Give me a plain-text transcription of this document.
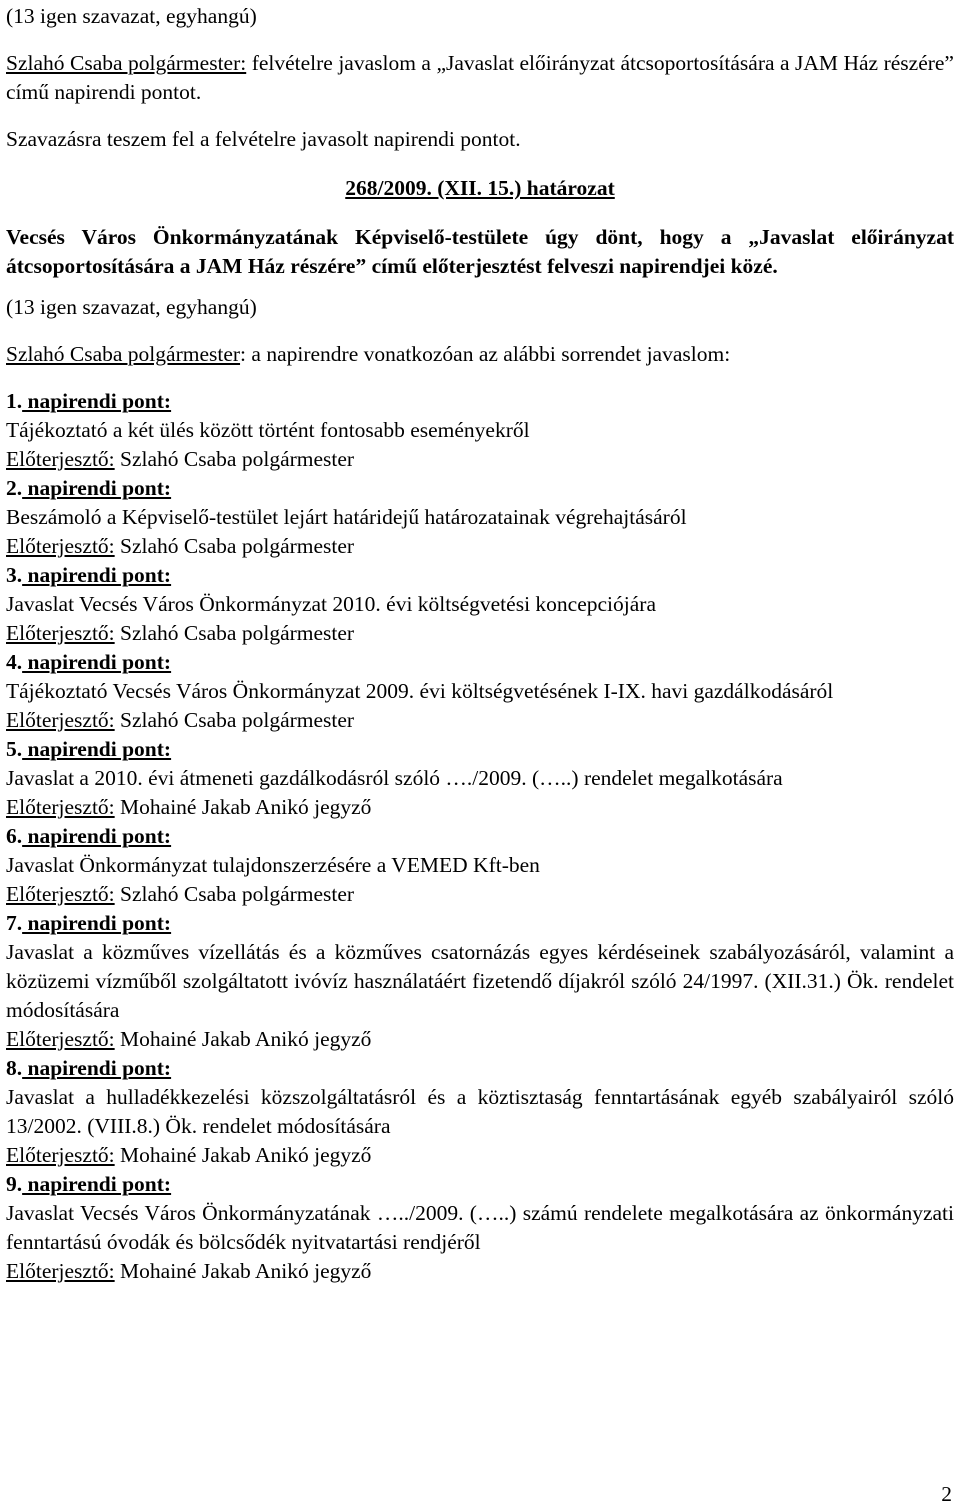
(13 igen szavazat, egyhangú)

Szlahó Csaba polgármester: felvételre javaslom a „Javaslat előirányzat átcsoportosítására a JAM Ház részére” című napirendi pontot.

Szavazásra teszem fel a felvételre javasolt napirendi pontot.

268/2009. (XII. 15.) határozat

Vecsés Város Önkormányzatának Képviselő-testülete úgy dönt, hogy a „Javaslat előirányzat átcsoportosítására a JAM Ház részére” című előterjesztést felveszi napirendjei közé.

(13 igen szavazat, egyhangú)

Szlahó Csaba polgármester: a napirendre vonatkozóan az alábbi sorrendet javaslom:

1. napirendi pont:

Tájékoztató a két ülés között történt fontosabb eseményekről

Előterjesztő: Szlahó Csaba polgármester

2. napirendi pont:

Beszámoló a Képviselő-testület lejárt határidejű határozatainak végrehajtásáról

Előterjesztő: Szlahó Csaba polgármester

3. napirendi pont:

Javaslat Vecsés Város Önkormányzat 2010. évi költségvetési koncepciójára

Előterjesztő: Szlahó Csaba polgármester

4. napirendi pont:

Tájékoztató Vecsés Város Önkormányzat 2009. évi költségvetésének I-IX. havi gazdálkodásáról

Előterjesztő: Szlahó Csaba polgármester

5. napirendi pont:

Javaslat a 2010. évi átmeneti gazdálkodásról szóló …./2009. (…..) rendelet megalkotására

Előterjesztő: Mohainé Jakab Anikó jegyző

6. napirendi pont:

Javaslat Önkormányzat tulajdonszerzésére a VEMED Kft-ben

Előterjesztő: Szlahó Csaba polgármester

7. napirendi pont:

Javaslat a közműves vízellátás és a közműves csatornázás egyes kérdéseinek szabályozásáról, valamint a közüzemi vízműből szolgáltatott ivóvíz használatáért fizetendő díjakról szóló 24/1997. (XII.31.) Ök. rendelet módosítására

Előterjesztő: Mohainé Jakab Anikó jegyző

8. napirendi pont:

Javaslat a hulladékkezelési közszolgáltatásról és a köztisztaság fenntartásának egyéb szabályairól szóló 13/2002. (VIII.8.) Ök. rendelet módosítására

Előterjesztő: Mohainé Jakab Anikó jegyző

9. napirendi pont:

Javaslat Vecsés Város Önkormányzatának …../2009. (…..) számú rendelete megalkotására az önkormányzati fenntartású óvodák és bölcsődék nyitvatartási rendjéről

Előterjesztő: Mohainé Jakab Anikó jegyző

2
